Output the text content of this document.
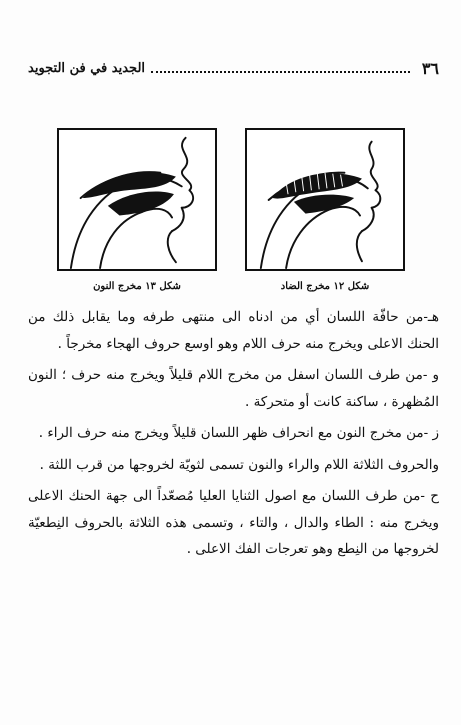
٣٦
الجديد في فن التجويد
شكل ١٢ مخرج الضاد
شكل ١٣ مخرج النون

هـ-من حافّة اللسان أي من ادناه الى منتهى طرفه وما يقابل ذلك من الحنك الاعلى ويخرج منه حرف اللام وهو اوسع حروف الهجاء مخرجاً .

و -من طرف اللسان اسفل من مخرج اللام قليلاً ويخرج منه حرف ؛ النون المُظهرة ، ساكنة كانت أو متحركة .

ز -من مخرج النون مع انحراف ظهر اللسان قليلاً ويخرج منه حرف الراء .

والحروف الثلاثة اللام والراء والنون تسمى لثويّة لخروجها من قرب اللثة .

ح -من طرف اللسان مع اصول الثنايا العليا مُصعّداً الى جهة الحنك الاعلى ويخرج منه : الطاء والدال ، والتاء ، وتسمى هذه الثلاثة بالحروف النِطعيّة لخروجها من النِطع وهو تعرجات الفك الاعلى .
